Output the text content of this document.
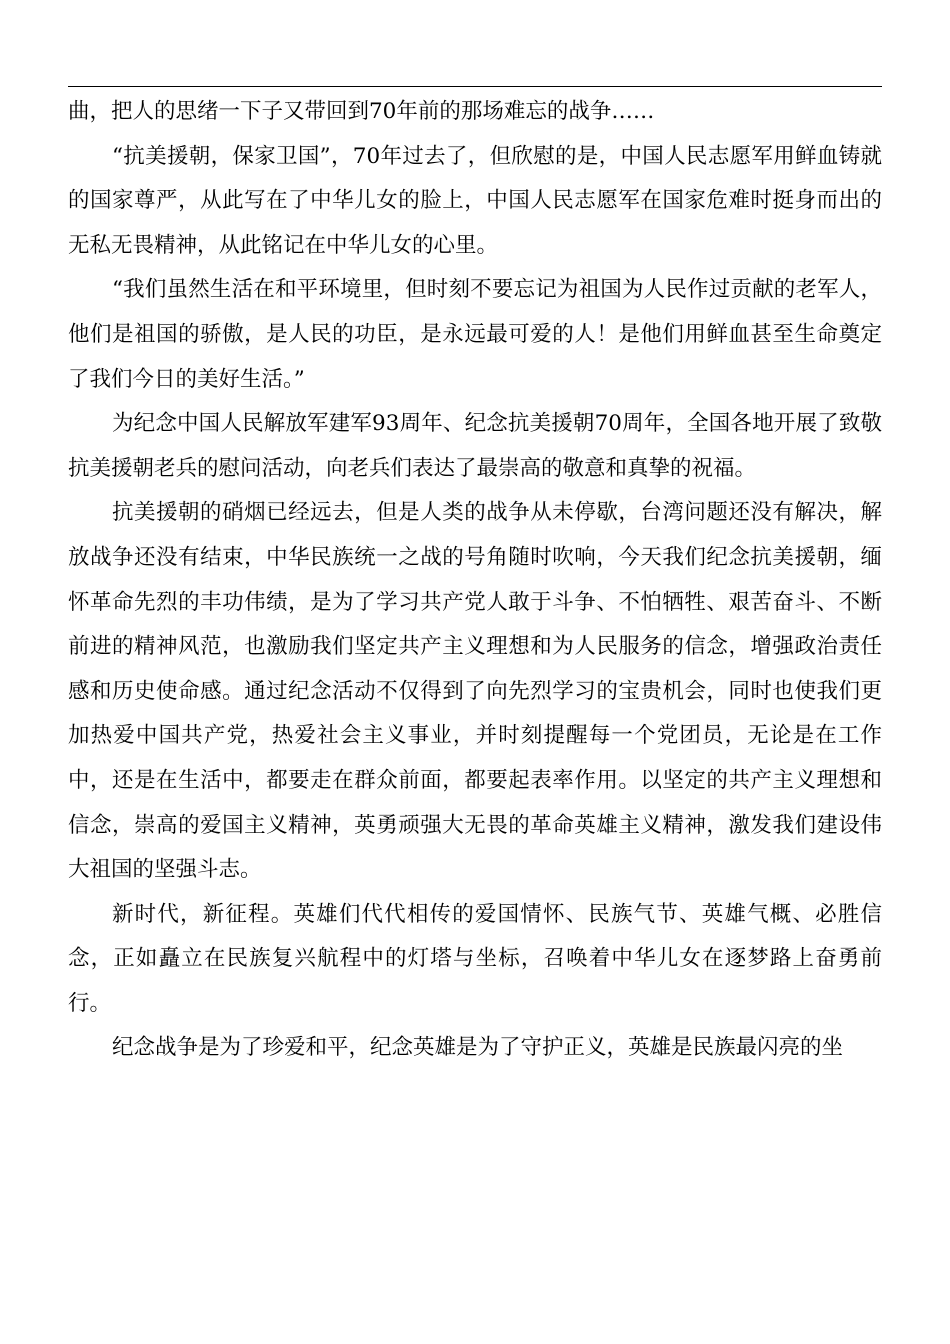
曲，把人的思绪一下子又带回到70年前的那场难忘的战争……

“抗美援朝，保家卫国”，70年过去了，但欣慰的是，中国人民志愿军用鲜血铸就的国家尊严，从此写在了中华儿女的脸上，中国人民志愿军在国家危难时挺身而出的无私无畏精神，从此铭记在中华儿女的心里。

“我们虽然生活在和平环境里，但时刻不要忘记为祖国为人民作过贡献的老军人，他们是祖国的骄傲，是人民的功臣，是永远最可爱的人！是他们用鲜血甚至生命奠定了我们今日的美好生活。”

为纪念中国人民解放军建军93周年、纪念抗美援朝70周年，全国各地开展了致敬抗美援朝老兵的慰问活动，向老兵们表达了最崇高的敬意和真挚的祝福。

抗美援朝的硝烟已经远去，但是人类的战争从未停歇，台湾问题还没有解决，解放战争还没有结束，中华民族统一之战的号角随时吹响，今天我们纪念抗美援朝，缅怀革命先烈的丰功伟绩，是为了学习共产党人敢于斗争、不怕牺牲、艰苦奋斗、不断前进的精神风范，也激励我们坚定共产主义理想和为人民服务的信念，增强政治责任感和历史使命感。通过纪念活动不仅得到了向先烈学习的宝贵机会，同时也使我们更加热爱中国共产党，热爱社会主义事业，并时刻提醒每一个党团员，无论是在工作中，还是在生活中，都要走在群众前面，都要起表率作用。以坚定的共产主义理想和信念，崇高的爱国主义精神，英勇顽强大无畏的革命英雄主义精神，激发我们建设伟大祖国的坚强斗志。

新时代，新征程。英雄们代代相传的爱国情怀、民族气节、英雄气概、必胜信念，正如矗立在民族复兴航程中的灯塔与坐标，召唤着中华儿女在逐梦路上奋勇前行。

纪念战争是为了珍爱和平，纪念英雄是为了守护正义，英雄是民族最闪亮的坐
